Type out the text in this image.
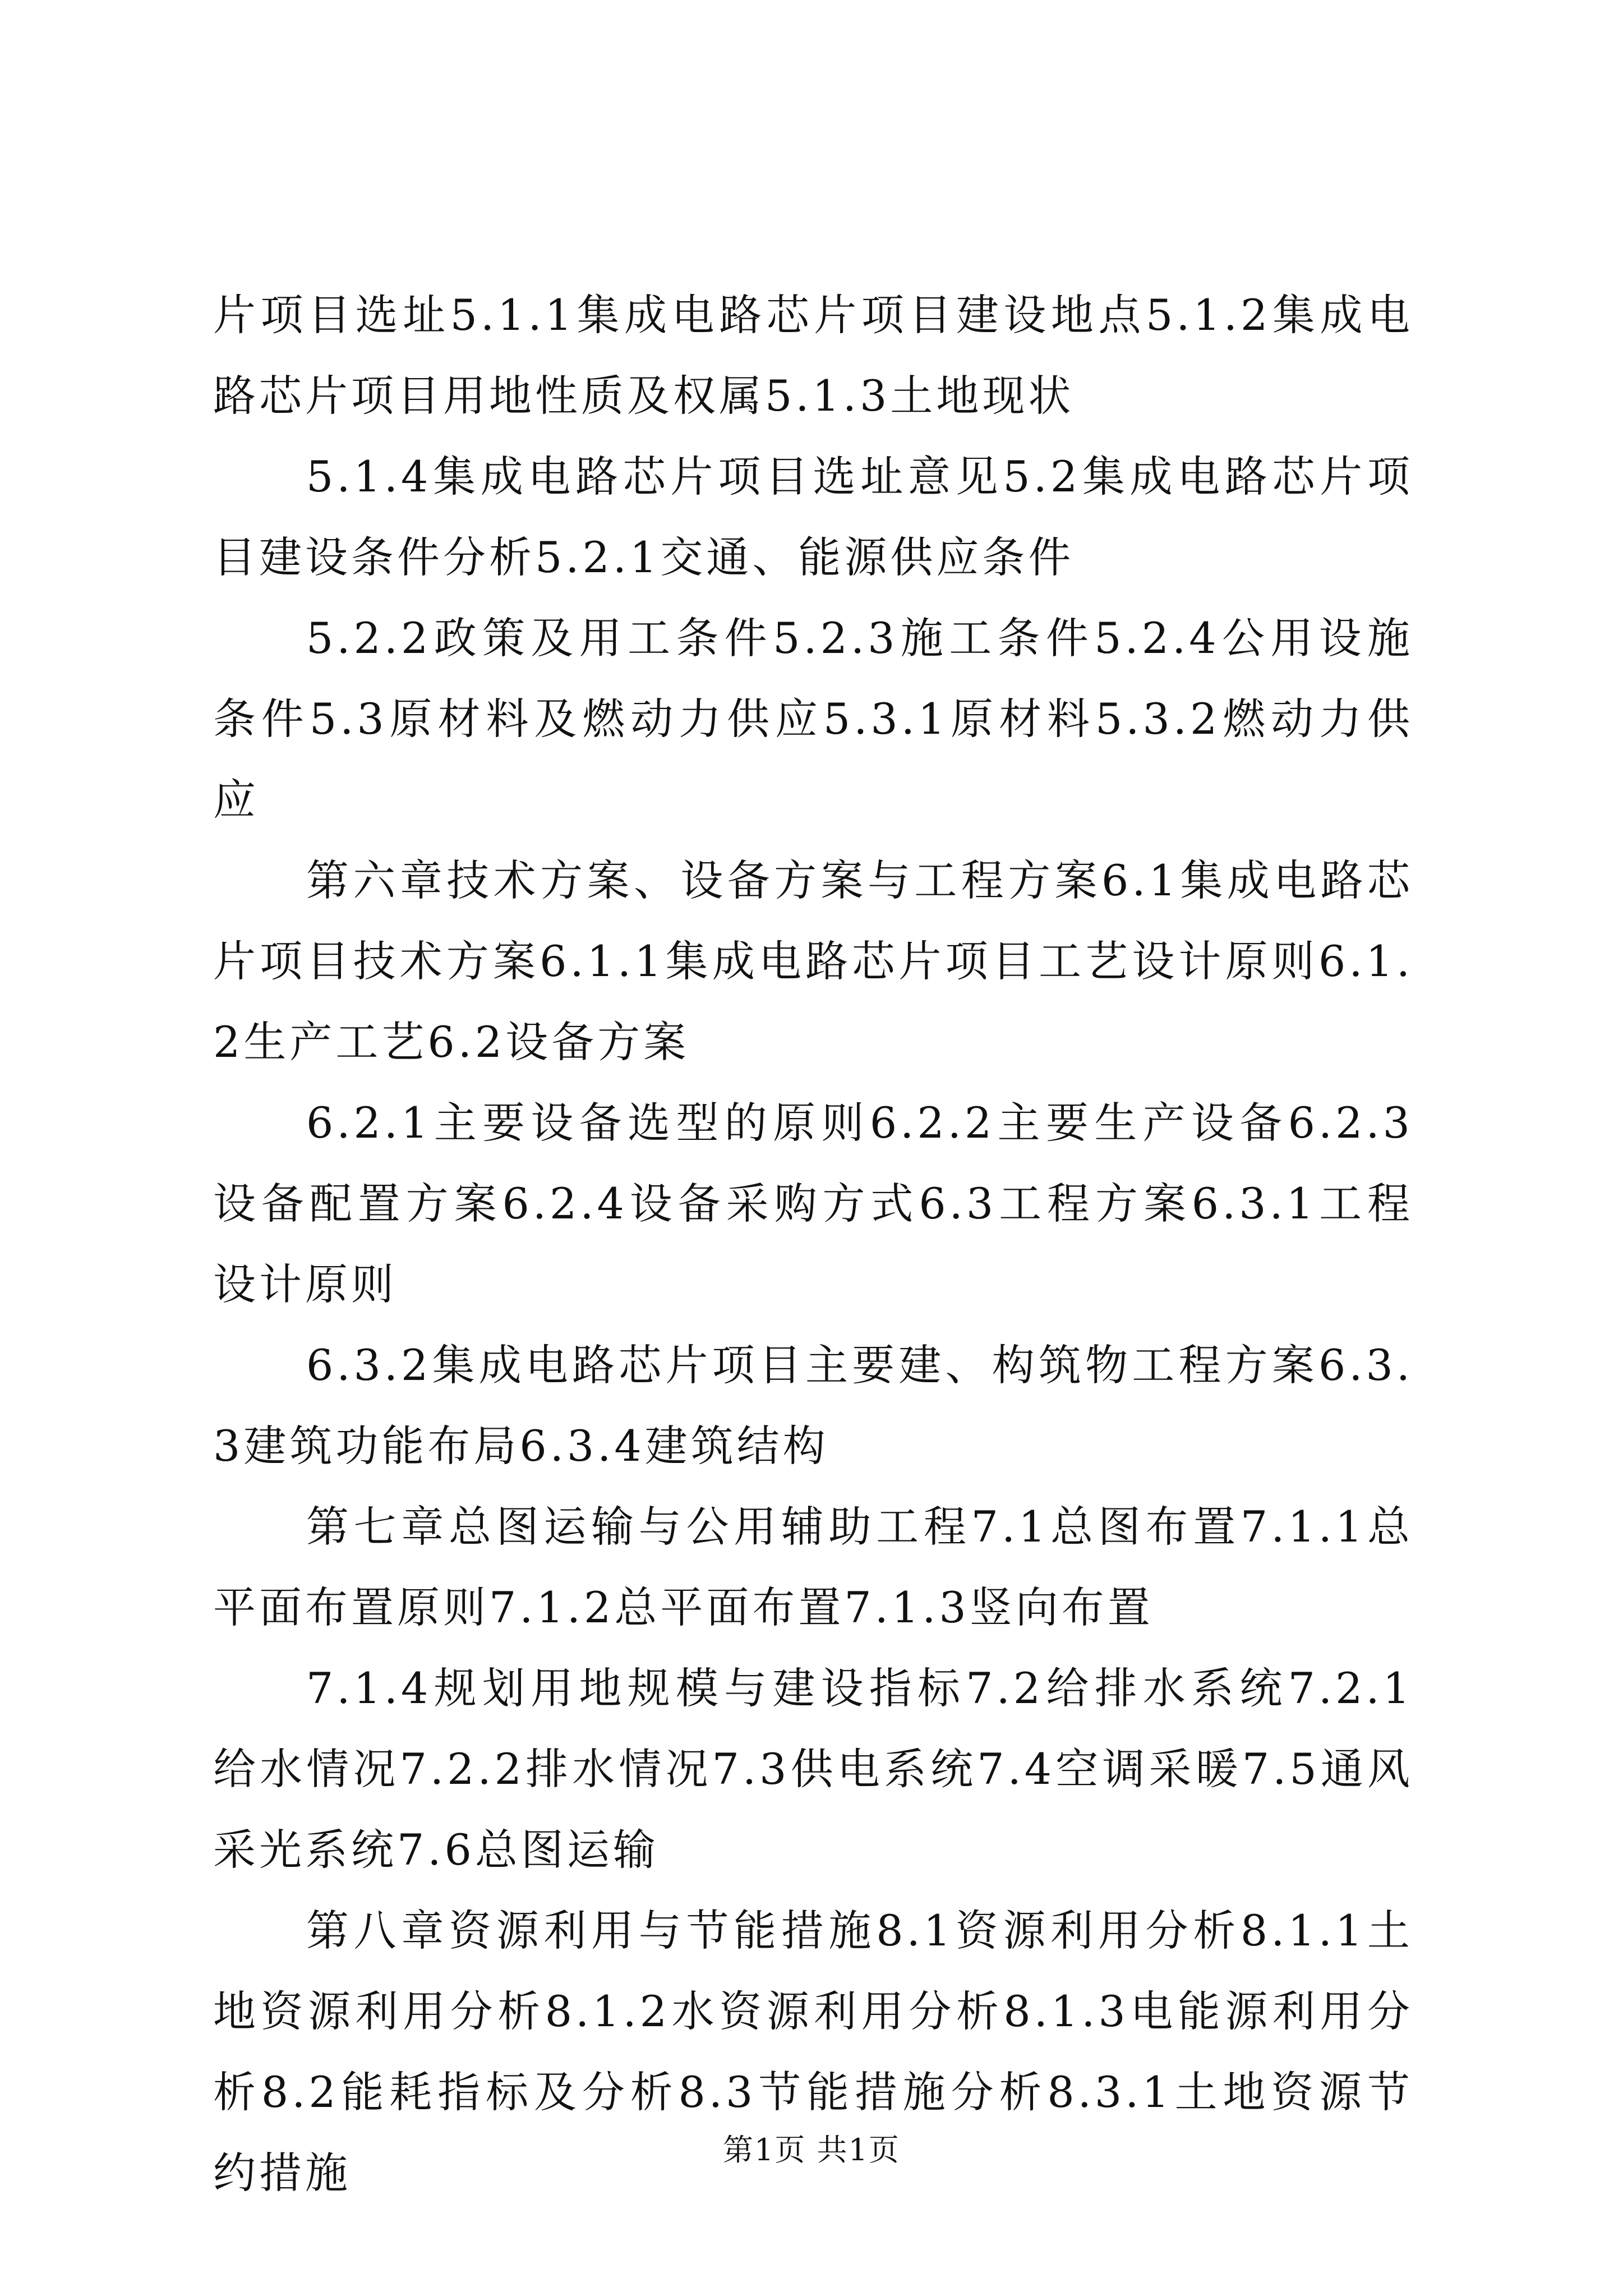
片项目选址5.1.1集成电路芯片项目建设地点5.1.2集成电路芯片项目用地性质及权属5.1.3土地现状

5.1.4集成电路芯片项目选址意见5.2集成电路芯片项目建设条件分析5.2.1交通、能源供应条件

5.2.2政策及用工条件5.2.3施工条件5.2.4公用设施条件5.3原材料及燃动力供应5.3.1原材料5.3.2燃动力供应

第六章技术方案、设备方案与工程方案6.1集成电路芯片项目技术方案6.1.1集成电路芯片项目工艺设计原则6.1.2生产工艺6.2设备方案

6.2.1主要设备选型的原则6.2.2主要生产设备6.2.3设备配置方案6.2.4设备采购方式6.3工程方案6.3.1工程设计原则

6.3.2集成电路芯片项目主要建、构筑物工程方案6.3.3建筑功能布局6.3.4建筑结构

第七章总图运输与公用辅助工程7.1总图布置7.1.1总平面布置原则7.1.2总平面布置7.1.3竖向布置

7.1.4规划用地规模与建设指标7.2给排水系统7.2.1给水情况7.2.2排水情况7.3供电系统7.4空调采暖7.5通风采光系统7.6总图运输

第八章资源利用与节能措施8.1资源利用分析8.1.1土地资源利用分析8.1.2水资源利用分析8.1.3电能源利用分析8.2能耗指标及分析8.3节能措施分析8.3.1土地资源节约措施	第1页 共1页
